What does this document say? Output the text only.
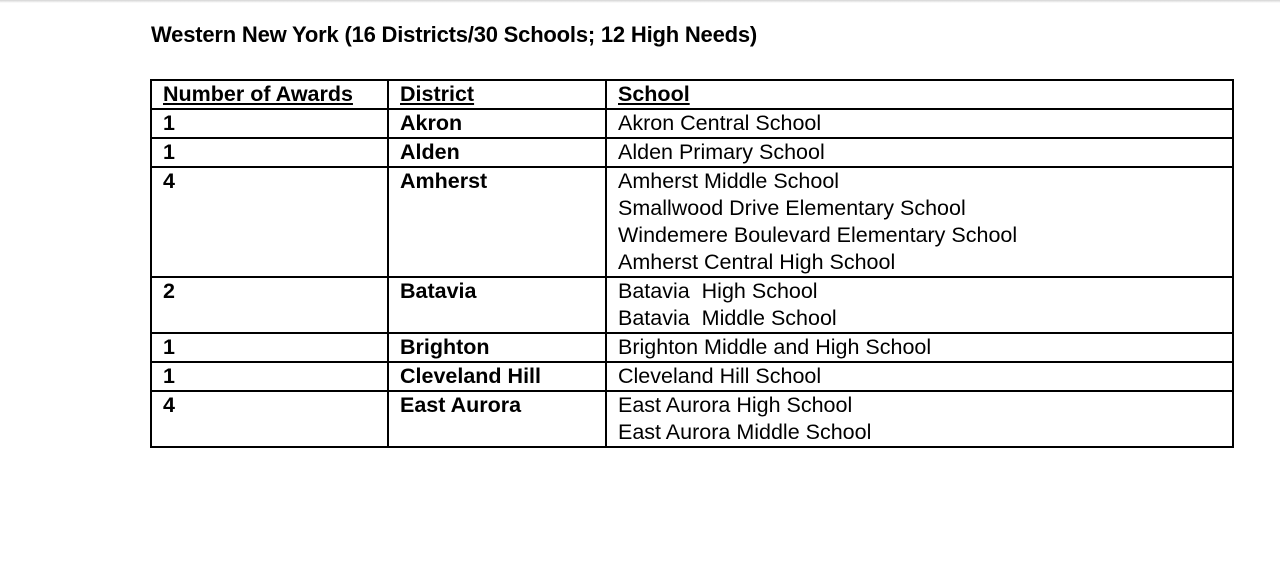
Western New York (16 Districts/30 Schools; 12 High Needs)
Number of Awards	District	School
1	Akron	Akron Central School

1	Alden	Alden Primary School

4	Amherst	Amherst Middle School
Smallwood Drive Elementary School
Windemere Boulevard Elementary School
Amherst Central High School

2	Batavia	Batavia  High School
Batavia  Middle School

1	Brighton	Brighton Middle and High School

1	Cleveland Hill	Cleveland Hill School

4	East Aurora	East Aurora High School
East Aurora Middle School
